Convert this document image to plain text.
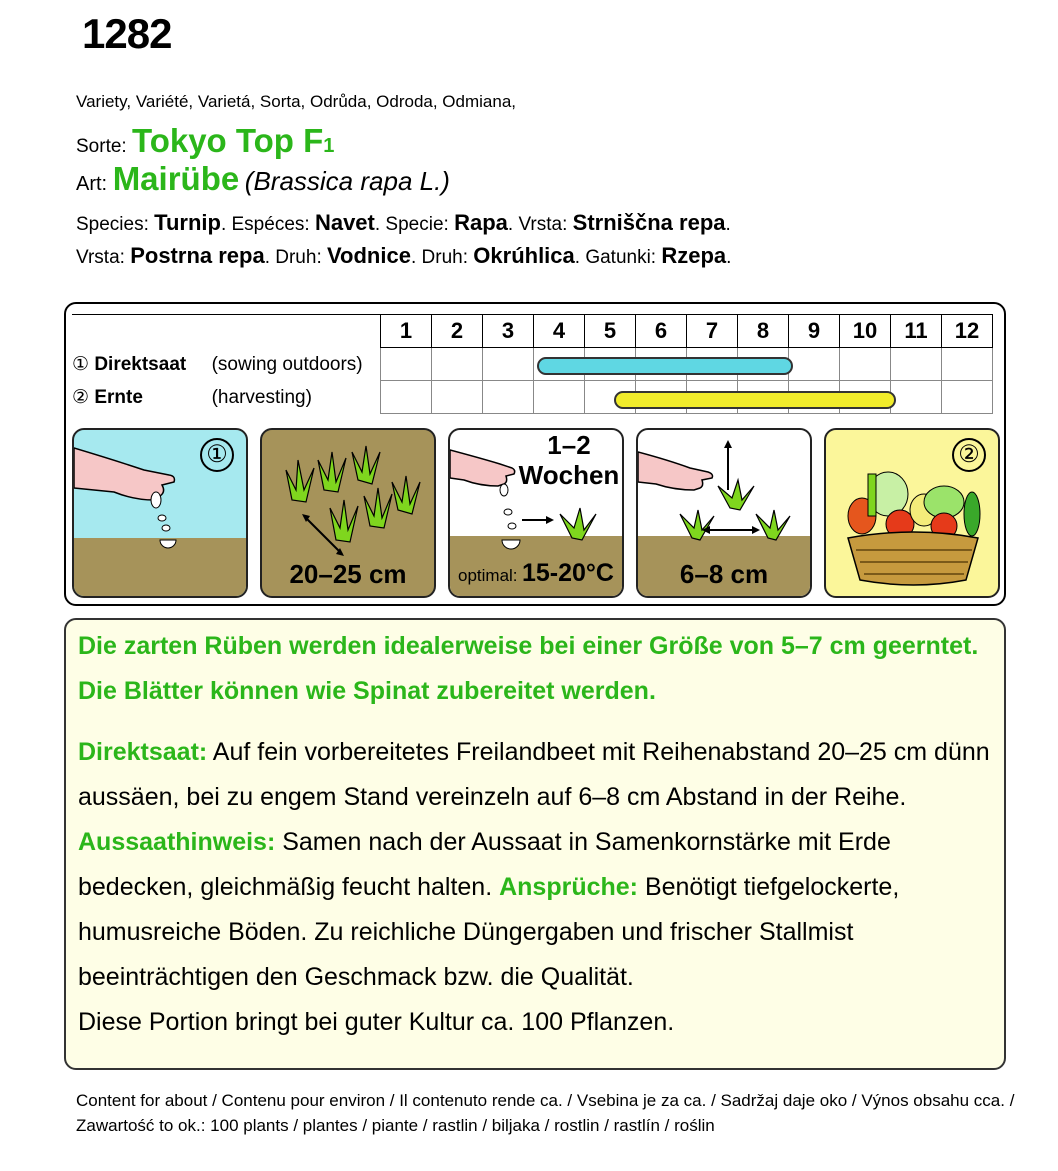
1282
Variety, Variété, Varietá, Sorta, Odrůda, Odroda, Odmiana,
Sorte: Tokyo Top F1
Art: Mairübe (Brassica rapa L.)
Species: Turnip. Espéces: Navet. Specie: Rapa. Vrsta: Strniščna repa.
Vrsta: Postrna repa. Druh: Vodnice. Druh: Okrúhlica. Gatunki: Rzepa.
	1	2	3	4	5	6	7	8	9	10	11	12
① Direktsaat (sowing outdoors)												
② Ernte (harvesting)												
①
20–25 cm
1–2
Wochen
optimal: 15-20°C	6–8 cm
②
Die zarten Rüben werden idealerweise bei einer Größe von 5–7 cm geerntet.
Die Blätter können wie Spinat zubereitet werden.
Direktsaat: Auf fein vorbereitetes Freilandbeet mit Reihenabstand 20–25 cm dünn aussäen, bei zu engem Stand vereinzeln auf 6–8 cm Abstand in der Reihe. Aussaathinweis: Samen nach der Aussaat in Samenkornstärke mit Erde bedecken, gleichmäßig feucht halten. Ansprüche: Benötigt tiefgelockerte, humusreiche Böden. Zu reichliche Düngergaben und frischer Stallmist beeinträchtigen den Geschmack bzw. die Qualität.
Diese Portion bringt bei guter Kultur ca. 100 Pflanzen.
Content for about / Contenu pour environ / Il contenuto rende ca. / Vsebina je za ca. / Sadržaj daje oko / Výnos obsahu cca. / Zawartość to ok.: 100 plants / plantes / piante / rastlin / biljaka / rostlin / rastlín / roślin
